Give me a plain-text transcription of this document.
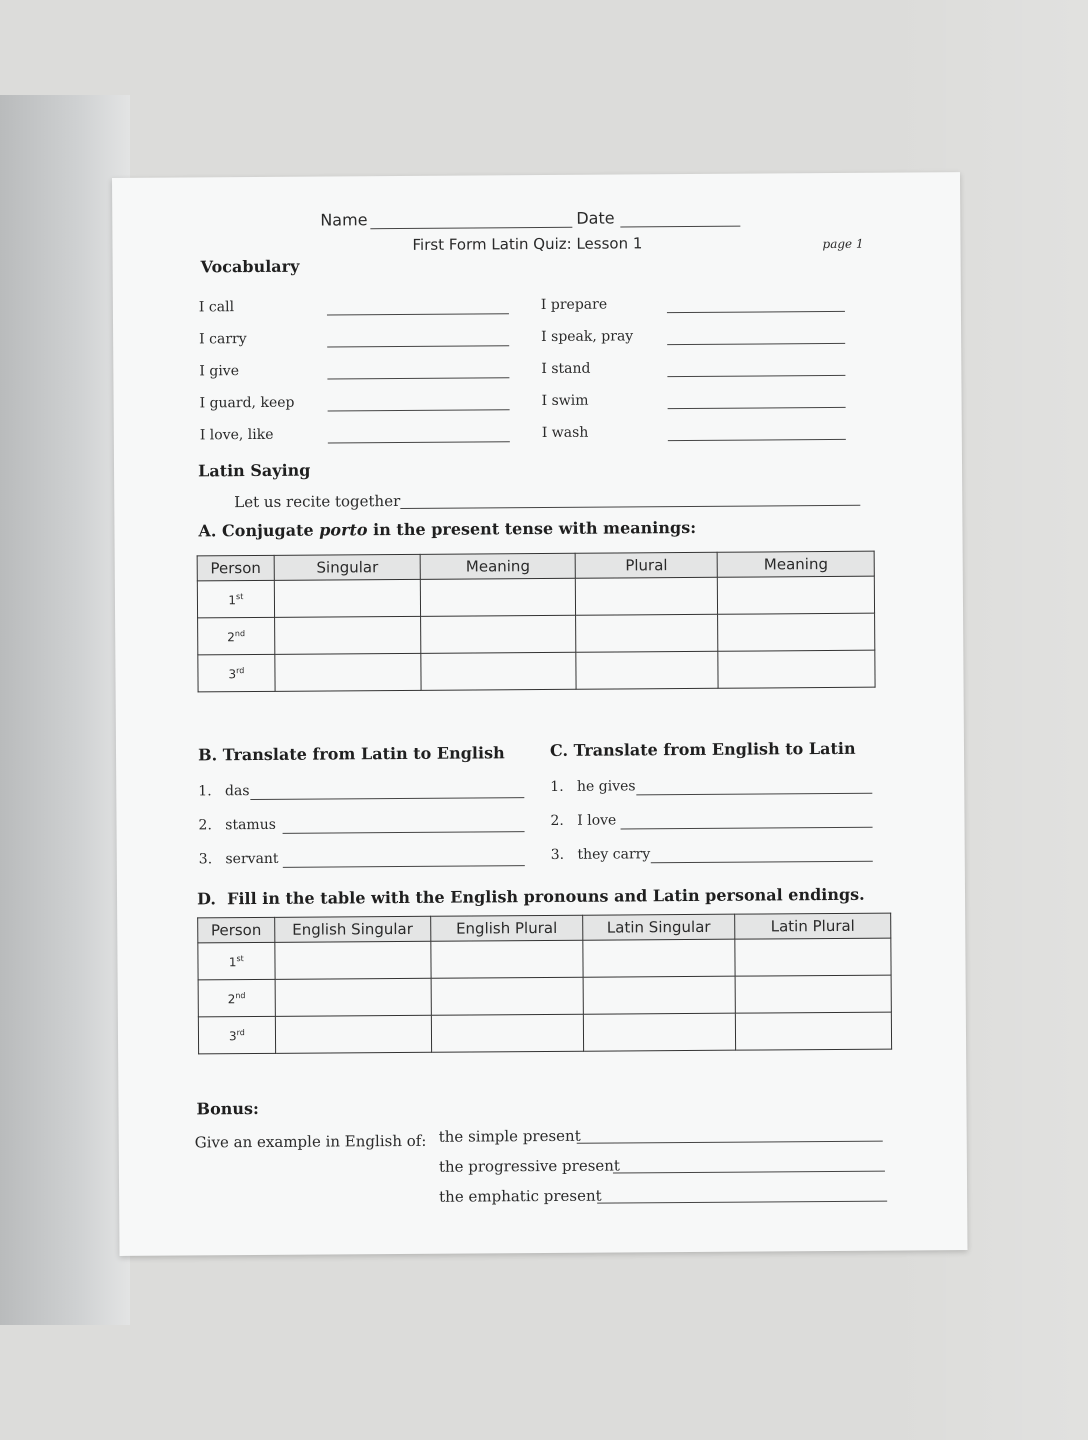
Name	Date
First Form Latin Quiz: Lesson 1	page 1
Vocabulary
I call
I carry
I give
I guard, keep
I love, like
I prepare
I speak, pray
I stand
I swim
I wash
Latin Saying
Let us recite together
A. Conjugate porto in the present tense with meanings:
Person	Singular	Meaning	Plural	Meaning
1st				
2nd				
3rd				
B. Translate from Latin to English
1.   das
2.   stamus
3.   servant
C. Translate from English to Latin
1.   he gives
2.   I love
3.   they carry
D.  Fill in the table with the English pronouns and Latin personal endings.
Person	English Singular	English Plural	Latin Singular	Latin Plural
1st				
2nd				
3rd				
Bonus:
Give an example in English of: the simple present
the progressive present
the emphatic present
